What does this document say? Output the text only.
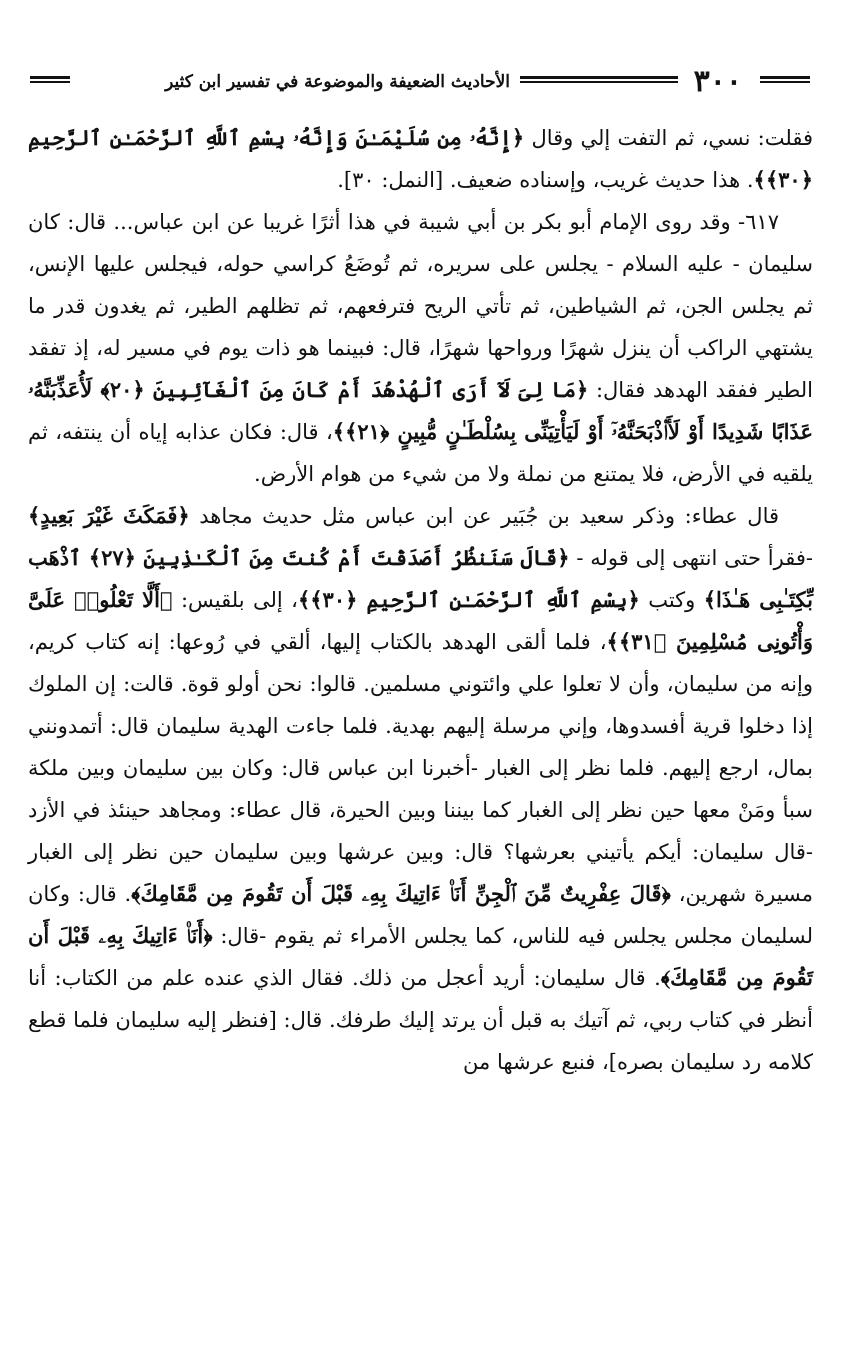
٣٠٠
الأحاديث الضعيفة والموضوعة في تفسير ابن كثير

فقلت: نسي، ثم التفت إلي وقال ﴿إِنَّهُۥ مِن سُلَيْمَـٰنَ وَإِنَّهُۥ بِسْمِ ٱللَّهِ ٱلرَّحْمَـٰنِ ٱلرَّحِيمِ ﴿٣٠﴾﴾. هذا حديث غريب، وإسناده ضعيف. [النمل: ٣٠].

٦١٧- وقد روى الإمام أبو بكر بن أبي شيبة في هذا أثرًا غريبا عن ابن عباس... قال: كان سليمان - عليه السلام - يجلس على سريره، ثم تُوضَعُ كراسي حوله، فيجلس عليها الإنس، ثم يجلس الجن، ثم الشياطين، ثم تأتي الريح فترفعهم، ثم تظلهم الطير، ثم يغدون قدر ما يشتهي الراكب أن ينزل شهرًا ورواحها شهرًا، قال: فبينما هو ذات يوم في مسير له، إذ تفقد الطير ففقد الهدهد فقال: ﴿مَا لِىَ لَآ أَرَى ٱلْهُدْهُدَ أَمْ كَانَ مِنَ ٱلْغَآئِبِينَ ﴿٢٠﴾ لَأُعَذِّبَنَّهُۥ عَذَابًا شَدِيدًا أَوْ لَأَا۟ذْبَحَنَّهُۥٓ أَوْ لَيَأْتِيَنِّى بِسُلْطَـٰنٍ مُّبِينٍ ﴿٢١﴾﴾، قال: فكان عذابه إياه أن ينتفه، ثم يلقيه في الأرض، فلا يمتنع من نملة ولا من شيء من هوام الأرض.

قال عطاء: وذكر سعيد بن جُبَير عن ابن عباس مثل حديث مجاهد ﴿فَمَكَثَ غَيْرَ بَعِيدٍ﴾ -فقرأ حتى انتهى إلى قوله - ﴿قَالَ سَنَنظُرُ أَصَدَقْتَ أَمْ كُنتَ مِنَ ٱلْكَـٰذِبِينَ ﴿٢٧﴾ ٱذْهَب بِّكِتَـٰبِى هَـٰذَا﴾ وكتب ﴿بِسْمِ ٱللَّهِ ٱلرَّحْمَـٰنِ ٱلرَّحِيمِ ﴿٣٠﴾﴾، إلى بلقيس: ﴿أَلَّا تَعْلُوا۟ عَلَىَّ وَأْتُونِى مُسْلِمِينَ ﴿٣١﴾﴾، فلما ألقى الهدهد بالكتاب إليها، ألقي في رُوعها: إنه كتاب كريم، وإنه من سليمان، وأن لا تعلوا علي وائتوني مسلمين. قالوا: نحن أولو قوة. قالت: إن الملوك إذا دخلوا قرية أفسدوها، وإني مرسلة إليهم بهدية. فلما جاءت الهدية سليمان قال: أتمدونني بمال، ارجع إليهم. فلما نظر إلى الغبار -أخبرنا ابن عباس قال: وكان بين سليمان وبين ملكة سبأ ومَنْ معها حين نظر إلى الغبار كما بيننا وبين الحيرة، قال عطاء: ومجاهد حينئذ في الأزد -قال سليمان: أيكم يأتيني بعرشها؟ قال: وبين عرشها وبين سليمان حين نظر إلى الغبار مسيرة شهرين، ﴿قَالَ عِفْرِيتٌ مِّنَ ٱلْجِنِّ أَنَا۠ ءَاتِيكَ بِهِۦ قَبْلَ أَن تَقُومَ مِن مَّقَامِكَ﴾. قال: وكان لسليمان مجلس يجلس فيه للناس، كما يجلس الأمراء ثم يقوم -قال: ﴿أَنَا۠ ءَاتِيكَ بِهِۦ قَبْلَ أَن تَقُومَ مِن مَّقَامِكَ﴾. قال سليمان: أريد أعجل من ذلك. فقال الذي عنده علم من الكتاب: أنا أنظر في كتاب ربي، ثم آتيك به قبل أن يرتد إليك طرفك. قال: [فنظر إليه سليمان فلما قطع كلامه رد سليمان بصره]، فنبع عرشها من
